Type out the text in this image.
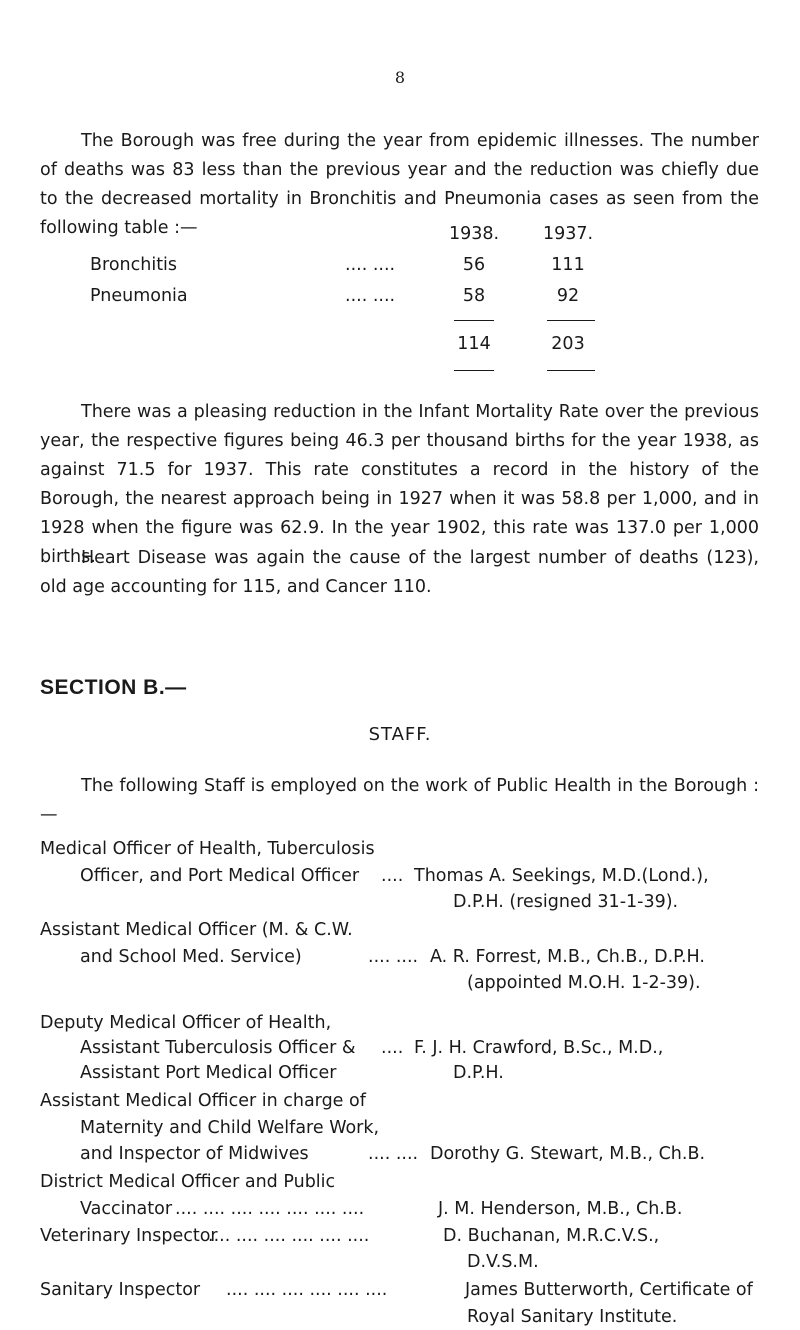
8

The Borough was free during the year from epidemic illnesses. The number of deaths was 83 less than the previous year and the reduction was chiefly due to the decreased mortality in Bronchitis and Pneumonia cases as seen from the following table :—	1938.	1937.
Bronchitis	.... ....	56	111
Pneumonia	.... ....	58	92
114	203

There was a pleasing reduction in the Infant Mortality Rate over the previous year, the respective figures being 46.3 per thousand births for the year 1938, as against 71.5 for 1937. This rate constitutes a record in the history of the Borough, the nearest approach being in 1927 when it was 58.8 per 1,000, and in 1928 when the figure was 62.9. In the year 1902, this rate was 137.0 per 1,000 births.

Heart Disease was again the cause of the largest number of deaths (123), old age accounting for 115, and Cancer 110.

SECTION B.—
STAFF.

The following Staff is employed on the work of Public Health in the Borough :—

Medical Officer of Health, Tuberculosis
Officer, and Port Medical Officer .... Thomas A. Seekings, M.D.(Lond.),
D.P.H. (resigned 31-1-39).
Assistant Medical Officer (M. & C.W.
and School Med. Service)	.... .... A. R. Forrest, M.B., Ch.B., D.P.H.
(appointed M.O.H. 1-2-39).
Deputy Medical Officer of Health,
Assistant Tuberculosis Officer &
Assistant Port Medical Officer
.... F. J. H. Crawford, B.Sc., M.D.,
D.P.H.
Assistant Medical Officer in charge of
Maternity and Child Welfare Work,
and Inspector of Midwives	.... .... Dorothy G. Stewart, M.B., Ch.B.
District Medical Officer and Public
Vaccinator .... .... .... .... .... .... ....	J. M. Henderson, M.B., Ch.B.
Veterinary Inspector
.... .... .... .... .... ....	D. Buchanan, M.R.C.V.S.,
D.V.S.M.
Sanitary Inspector .... .... .... .... .... ....	James Butterworth, Certificate of
Royal Sanitary Institute.
